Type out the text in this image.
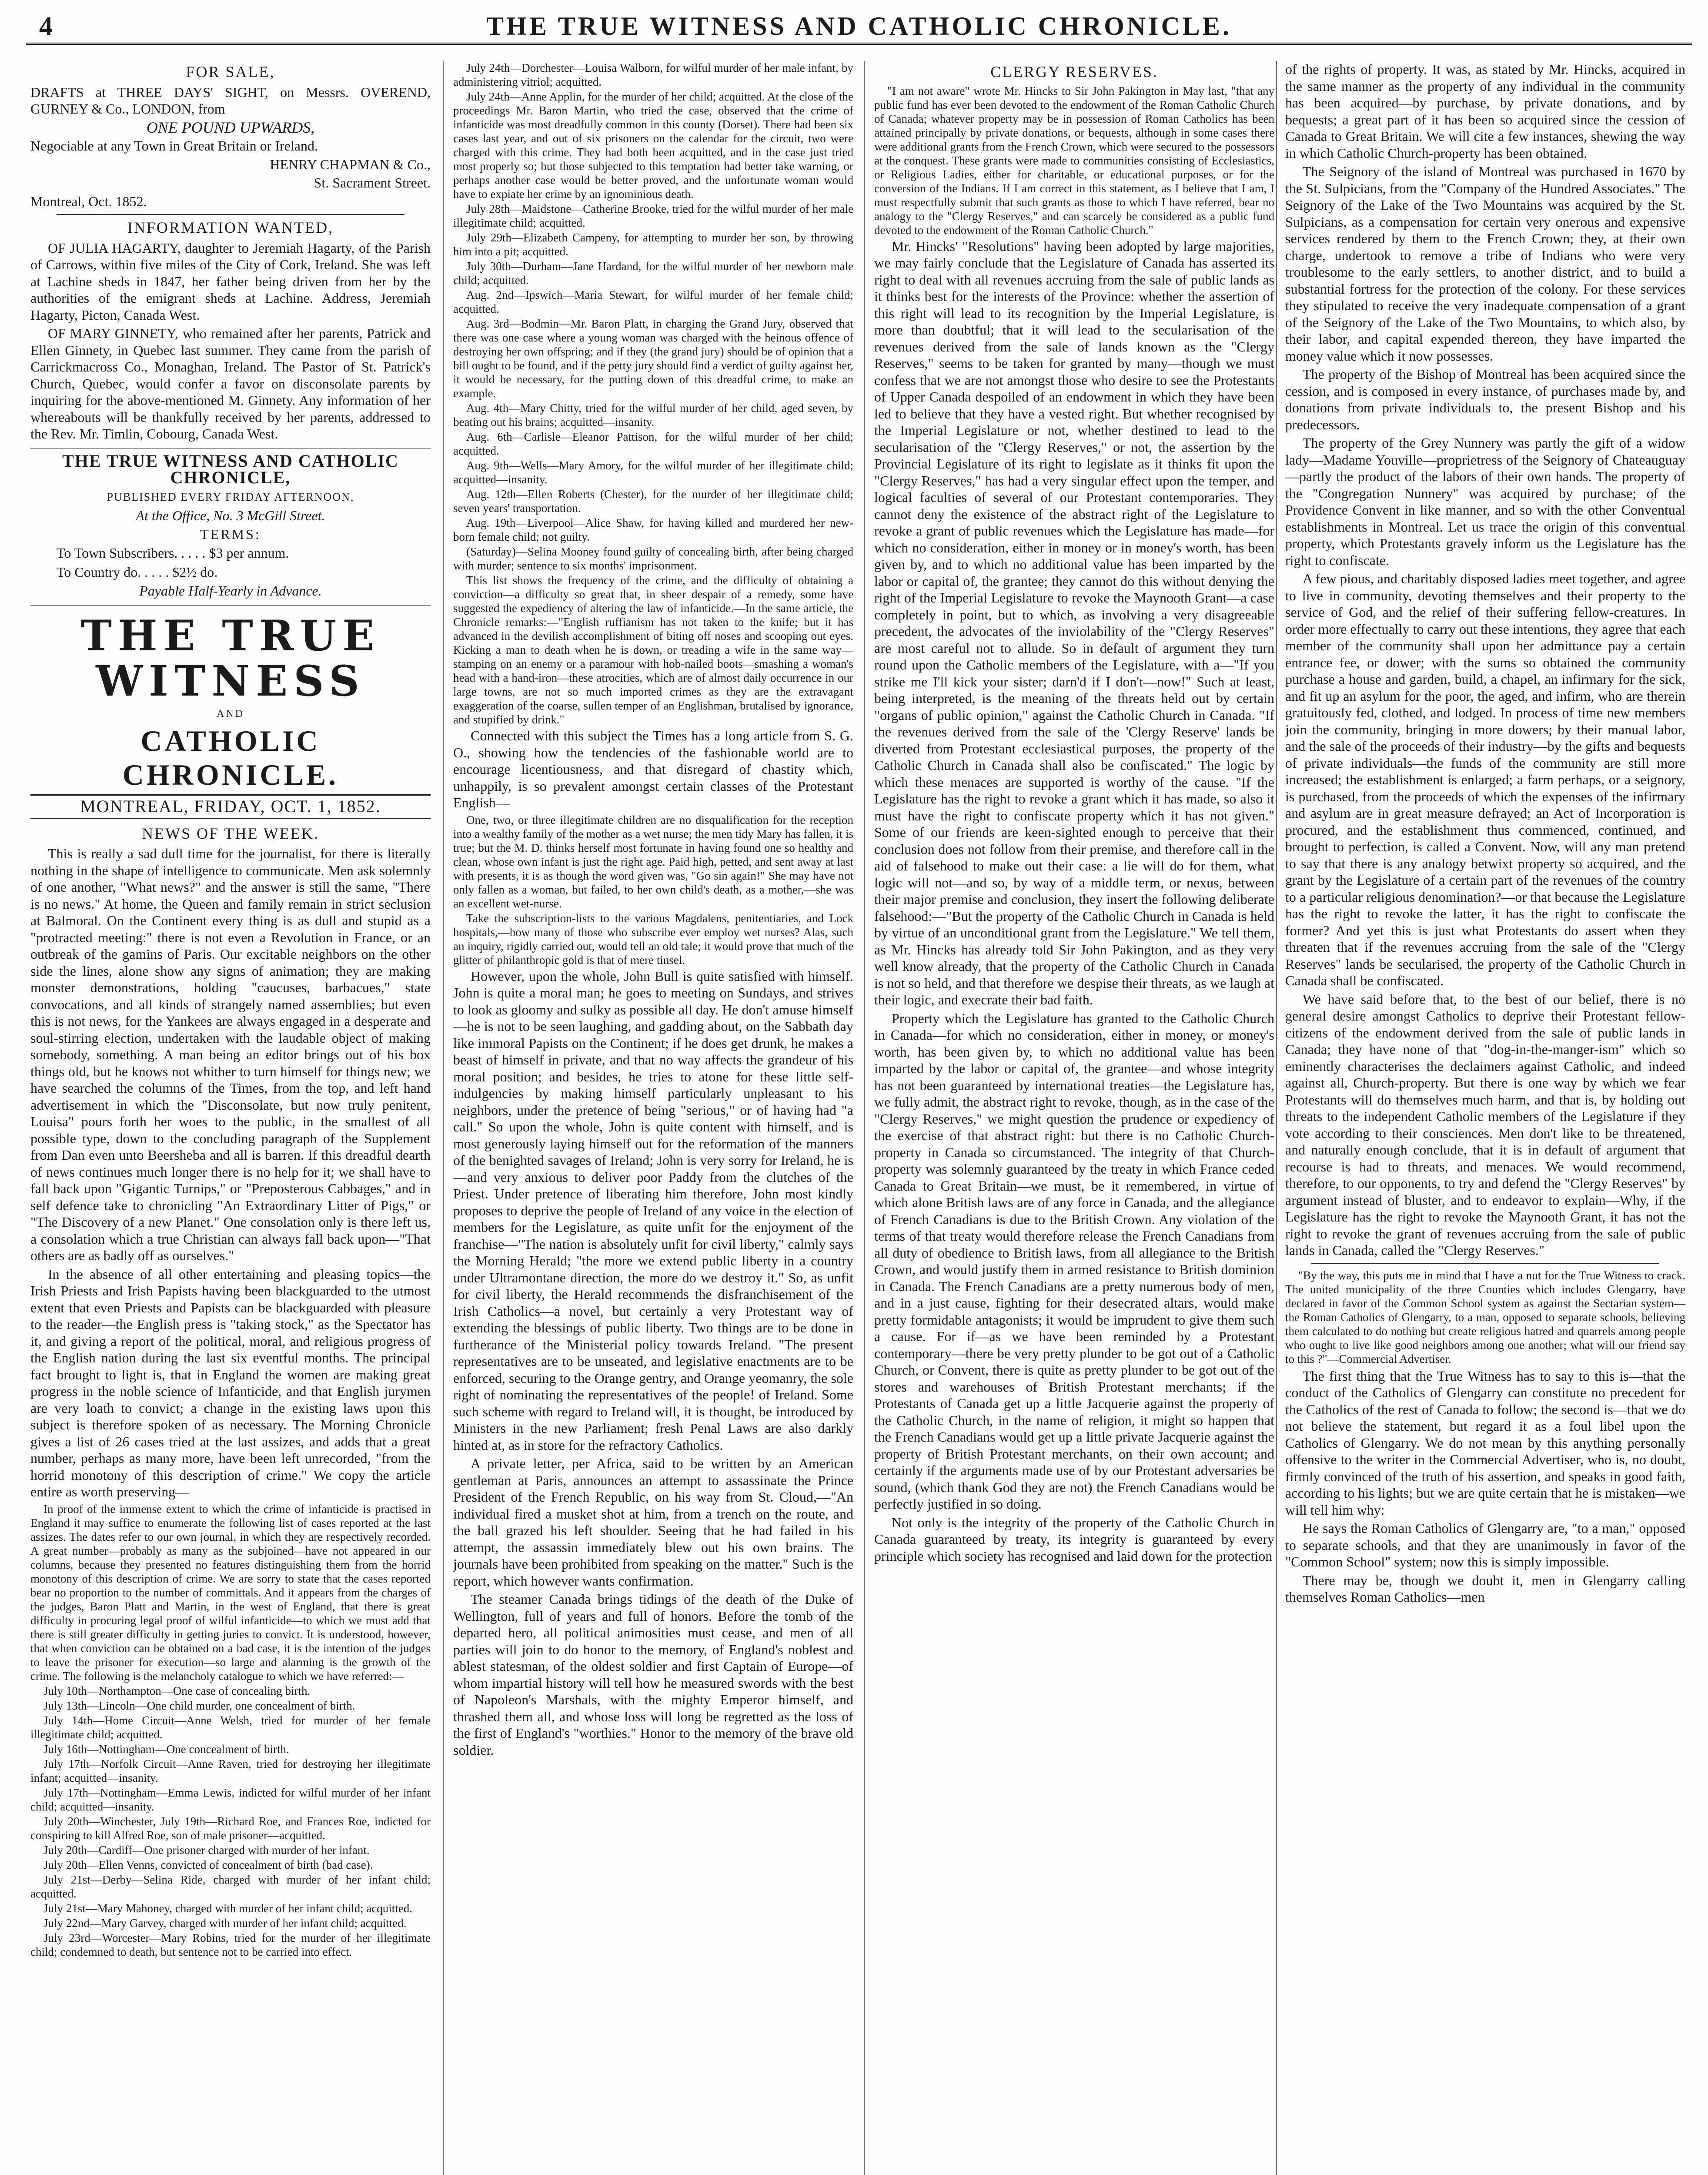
4	THE TRUE WITNESS AND CATHOLIC CHRONICLE.
FOR SALE,

DRAFTS at THREE DAYS' SIGHT, on Messrs. OVEREND, GURNEY & Co., LONDON, from

ONE POUND UPWARDS,

Negociable at any Town in Great Britain or Ireland.

HENRY CHAPMAN & Co.,

St. Sacrament Street.

Montreal, Oct. 1852.

INFORMATION WANTED,

OF JULIA HAGARTY, daughter to Jeremiah Hagarty, of the Parish of Carrows, within five miles of the City of Cork, Ireland. She was left at Lachine sheds in 1847, her father being driven from her by the authorities of the emigrant sheds at Lachine. Address, Jeremiah Hagarty, Picton, Canada West.

OF MARY GINNETY, who remained after her parents, Patrick and Ellen Ginnety, in Quebec last summer. They came from the parish of Carrickmacross Co., Monaghan, Ireland. The Pastor of St. Patrick's Church, Quebec, would confer a favor on disconsolate parents by inquiring for the above-mentioned M. Ginnety. Any information of her whereabouts will be thankfully received by her parents, addressed to the Rev. Mr. Timlin, Cobourg, Canada West.

THE TRUE WITNESS AND CATHOLIC CHRONICLE,

PUBLISHED EVERY FRIDAY AFTERNOON,

At the Office, No. 3 McGill Street.

TERMS:

To Town Subscribers. . . . . $3 per annum.
To Country do. . . . . $2½ do.

Payable Half-Yearly in Advance.

THE TRUE WITNESS
AND
CATHOLIC CHRONICLE.
MONTREAL, FRIDAY, OCT. 1, 1852.
NEWS OF THE WEEK.

This is really a sad dull time for the journalist, for there is literally nothing in the shape of intelligence to communicate. Men ask solemnly of one another, "What news?" and the answer is still the same, "There is no news." At home, the Queen and family remain in strict seclusion at Balmoral. On the Continent every thing is as dull and stupid as a "protracted meeting:" there is not even a Revolution in France, or an outbreak of the gamins of Paris. Our excitable neighbors on the other side the lines, alone show any signs of animation; they are making monster demonstrations, holding "caucuses, barbacues," state convocations, and all kinds of strangely named assemblies; but even this is not news, for the Yankees are always engaged in a desperate and soul-stirring election, undertaken with the laudable object of making somebody, something. A man being an editor brings out of his box things old, but he knows not whither to turn himself for things new; we have searched the columns of the Times, from the top, and left hand advertisement in which the "Disconsolate, but now truly penitent, Louisa" pours forth her woes to the public, in the smallest of all possible type, down to the concluding paragraph of the Supplement from Dan even unto Beersheba and all is barren. If this dreadful dearth of news continues much longer there is no help for it; we shall have to fall back upon "Gigantic Turnips," or "Preposterous Cabbages," and in self defence take to chronicling "An Extraordinary Litter of Pigs," or "The Discovery of a new Planet." One consolation only is there left us, a consolation which a true Christian can always fall back upon—"That others are as badly off as ourselves."

In the absence of all other entertaining and pleasing topics—the Irish Priests and Irish Papists having been blackguarded to the utmost extent that even Priests and Papists can be blackguarded with pleasure to the reader—the English press is "taking stock," as the Spectator has it, and giving a report of the political, moral, and religious progress of the English nation during the last six eventful months. The principal fact brought to light is, that in England the women are making great progress in the noble science of Infanticide, and that English jurymen are very loath to convict; a change in the existing laws upon this subject is therefore spoken of as necessary. The Morning Chronicle gives a list of 26 cases tried at the last assizes, and adds that a great number, perhaps as many more, have been left unrecorded, "from the horrid monotony of this description of crime." We copy the article entire as worth preserving—

In proof of the immense extent to which the crime of infanticide is practised in England it may suffice to enumerate the following list of cases reported at the last assizes. The dates refer to our own journal, in which they are respectively recorded. A great number—probably as many as the subjoined—have not appeared in our columns, because they presented no features distinguishing them from the horrid monotony of this description of crime. We are sorry to state that the cases reported bear no proportion to the number of committals. And it appears from the charges of the judges, Baron Platt and Martin, in the west of England, that there is great difficulty in procuring legal proof of wilful infanticide—to which we must add that there is still greater difficulty in getting juries to convict. It is understood, however, that when conviction can be obtained on a bad case, it is the intention of the judges to leave the prisoner for execution—so large and alarming is the growth of the crime. The following is the melancholy catalogue to which we have referred:—

July 10th—Northampton—One case of concealing birth.

July 13th—Lincoln—One child murder, one concealment of birth.

July 14th—Home Circuit—Anne Welsh, tried for murder of her female illegitimate child; acquitted.

July 16th—Nottingham—One concealment of birth.

July 17th—Norfolk Circuit—Anne Raven, tried for destroying her illegitimate infant; acquitted—insanity.

July 17th—Nottingham—Emma Lewis, indicted for wilful murder of her infant child; acquitted—insanity.

July 20th—Winchester, July 19th—Richard Roe, and Frances Roe, indicted for conspiring to kill Alfred Roe, son of male prisoner—acquitted.

July 20th—Cardiff—One prisoner charged with murder of her infant.

July 20th—Ellen Venns, convicted of concealment of birth (bad case).

July 21st—Derby—Selina Ride, charged with murder of her infant child; acquitted.

July 21st—Mary Mahoney, charged with murder of her infant child; acquitted.

July 22nd—Mary Garvey, charged with murder of her infant child; acquitted.

July 23rd—Worcester—Mary Robins, tried for the murder of her illegitimate child; condemned to death, but sentence not to be carried into effect.

July 24th—Dorchester—Louisa Walborn, for wilful murder of her male infant, by administering vitriol; acquitted.

July 24th—Anne Applin, for the murder of her child; acquitted. At the close of the proceedings Mr. Baron Martin, who tried the case, observed that the crime of infanticide was most dreadfully common in this county (Dorset). There had been six cases last year, and out of six prisoners on the calendar for the circuit, two were charged with this crime. They had both been acquitted, and in the case just tried most properly so; but those subjected to this temptation had better take warning, or perhaps another case would be better proved, and the unfortunate woman would have to expiate her crime by an ignominious death.

July 28th—Maidstone—Catherine Brooke, tried for the wilful murder of her male illegitimate child; acquitted.

July 29th—Elizabeth Campeny, for attempting to murder her son, by throwing him into a pit; acquitted.

July 30th—Durham—Jane Hardand, for the wilful murder of her newborn male child; acquitted.

Aug. 2nd—Ipswich—Maria Stewart, for wilful murder of her female child; acquitted.

Aug. 3rd—Bodmin—Mr. Baron Platt, in charging the Grand Jury, observed that there was one case where a young woman was charged with the heinous offence of destroying her own offspring; and if they (the grand jury) should be of opinion that a bill ought to be found, and if the petty jury should find a verdict of guilty against her, it would be necessary, for the putting down of this dreadful crime, to make an example.

Aug. 4th—Mary Chitty, tried for the wilful murder of her child, aged seven, by beating out his brains; acquitted—insanity.

Aug. 6th—Carlisle—Eleanor Pattison, for the wilful murder of her child; acquitted.

Aug. 9th—Wells—Mary Amory, for the wilful murder of her illegitimate child; acquitted—insanity.

Aug. 12th—Ellen Roberts (Chester), for the murder of her illegitimate child; seven years' transportation.

Aug. 19th—Liverpool—Alice Shaw, for having killed and murdered her new-born female child; not guilty.

(Saturday)—Selina Mooney found guilty of concealing birth, after being charged with murder; sentence to six months' imprisonment.

This list shows the frequency of the crime, and the difficulty of obtaining a conviction—a difficulty so great that, in sheer despair of a remedy, some have suggested the expediency of altering the law of infanticide.—In the same article, the Chronicle remarks:—"English ruffianism has not taken to the knife; but it has advanced in the devilish accomplishment of biting off noses and scooping out eyes. Kicking a man to death when he is down, or treading a wife in the same way—stamping on an enemy or a paramour with hob-nailed boots—smashing a woman's head with a hand-iron—these atrocities, which are of almost daily occurrence in our large towns, are not so much imported crimes as they are the extravagant exaggeration of the coarse, sullen temper of an Englishman, brutalised by ignorance, and stupified by drink."

Connected with this subject the Times has a long article from S. G. O., showing how the tendencies of the fashionable world are to encourage licentiousness, and that disregard of chastity which, unhappily, is so prevalent amongst certain classes of the Protestant English—

One, two, or three illegitimate children are no disqualification for the reception into a wealthy family of the mother as a wet nurse; the men tidy Mary has fallen, it is true; but the M. D. thinks herself most fortunate in having found one so healthy and clean, whose own infant is just the right age. Paid high, petted, and sent away at last with presents, it is as though the word given was, "Go sin again!" She may have not only fallen as a woman, but failed, to her own child's death, as a mother,—she was an excellent wet-nurse.

Take the subscription-lists to the various Magdalens, penitentiaries, and Lock hospitals,—how many of those who subscribe ever employ wet nurses? Alas, such an inquiry, rigidly carried out, would tell an old tale; it would prove that much of the glitter of philanthropic gold is that of mere tinsel.

However, upon the whole, John Bull is quite satisfied with himself. John is quite a moral man; he goes to meeting on Sundays, and strives to look as gloomy and sulky as possible all day. He don't amuse himself—he is not to be seen laughing, and gadding about, on the Sabbath day like immoral Papists on the Continent; if he does get drunk, he makes a beast of himself in private, and that no way affects the grandeur of his moral position; and besides, he tries to atone for these little self-indulgencies by making himself particularly unpleasant to his neighbors, under the pretence of being "serious," or of having had "a call." So upon the whole, John is quite content with himself, and is most generously laying himself out for the reformation of the manners of the benighted savages of Ireland; John is very sorry for Ireland, he is—and very anxious to deliver poor Paddy from the clutches of the Priest. Under pretence of liberating him therefore, John most kindly proposes to deprive the people of Ireland of any voice in the election of members for the Legislature, as quite unfit for the enjoyment of the franchise—"The nation is absolutely unfit for civil liberty," calmly says the Morning Herald; "the more we extend public liberty in a country under Ultramontane direction, the more do we destroy it." So, as unfit for civil liberty, the Herald recommends the disfranchisement of the Irish Catholics—a novel, but certainly a very Protestant way of extending the blessings of public liberty. Two things are to be done in furtherance of the Ministerial policy towards Ireland. "The present representatives are to be unseated, and legislative enactments are to be enforced, securing to the Orange gentry, and Orange yeomanry, the sole right of nominating the representatives of the people! of Ireland. Some such scheme with regard to Ireland will, it is thought, be introduced by Ministers in the new Parliament; fresh Penal Laws are also darkly hinted at, as in store for the refractory Catholics.

A private letter, per Africa, said to be written by an American gentleman at Paris, announces an attempt to assassinate the Prince President of the French Republic, on his way from St. Cloud,—"An individual fired a musket shot at him, from a trench on the route, and the ball grazed his left shoulder. Seeing that he had failed in his attempt, the assassin immediately blew out his own brains. The journals have been prohibited from speaking on the matter." Such is the report, which however wants confirmation.

The steamer Canada brings tidings of the death of the Duke of Wellington, full of years and full of honors. Before the tomb of the departed hero, all political animosities must cease, and men of all parties will join to do honor to the memory, of England's noblest and ablest statesman, of the oldest soldier and first Captain of Europe—of whom impartial history will tell how he measured swords with the best of Napoleon's Marshals, with the mighty Emperor himself, and thrashed them all, and whose loss will long be regretted as the loss of the first of England's "worthies." Honor to the memory of the brave old soldier.

CLERGY RESERVES.

"I am not aware" wrote Mr. Hincks to Sir John Pakington in May last, "that any public fund has ever been devoted to the endowment of the Roman Catholic Church of Canada; whatever property may be in possession of Roman Catholics has been attained principally by private donations, or bequests, although in some cases there were additional grants from the French Crown, which were secured to the possessors at the conquest. These grants were made to communities consisting of Ecclesiastics, or Religious Ladies, either for charitable, or educational purposes, or for the conversion of the Indians. If I am correct in this statement, as I believe that I am, I must respectfully submit that such grants as those to which I have referred, bear no analogy to the "Clergy Reserves," and can scarcely be considered as a public fund devoted to the endowment of the Roman Catholic Church."

Mr. Hincks' "Resolutions" having been adopted by large majorities, we may fairly conclude that the Legislature of Canada has asserted its right to deal with all revenues accruing from the sale of public lands as it thinks best for the interests of the Province: whether the assertion of this right will lead to its recognition by the Imperial Legislature, is more than doubtful; that it will lead to the secularisation of the revenues derived from the sale of lands known as the "Clergy Reserves," seems to be taken for granted by many—though we must confess that we are not amongst those who desire to see the Protestants of Upper Canada despoiled of an endowment in which they have been led to believe that they have a vested right. But whether recognised by the Imperial Legislature or not, whether destined to lead to the secularisation of the "Clergy Reserves," or not, the assertion by the Provincial Legislature of its right to legislate as it thinks fit upon the "Clergy Reserves," has had a very singular effect upon the temper, and logical faculties of several of our Protestant contemporaries. They cannot deny the existence of the abstract right of the Legislature to revoke a grant of public revenues which the Legislature has made—for which no consideration, either in money or in money's worth, has been given by, and to which no additional value has been imparted by the labor or capital of, the grantee; they cannot do this without denying the right of the Imperial Legislature to revoke the Maynooth Grant—a case completely in point, but to which, as involving a very disagreeable precedent, the advocates of the inviolability of the "Clergy Reserves" are most careful not to allude. So in default of argument they turn round upon the Catholic members of the Legislature, with a—"If you strike me I'll kick your sister; darn'd if I don't—now!" Such at least, being interpreted, is the meaning of the threats held out by certain "organs of public opinion," against the Catholic Church in Canada. "If the revenues derived from the sale of the 'Clergy Reserve' lands be diverted from Protestant ecclesiastical purposes, the property of the Catholic Church in Canada shall also be confiscated." The logic by which these menaces are supported is worthy of the cause. "If the Legislature has the right to revoke a grant which it has made, so also it must have the right to confiscate property which it has not given." Some of our friends are keen-sighted enough to perceive that their conclusion does not follow from their premise, and therefore call in the aid of falsehood to make out their case: a lie will do for them, what logic will not—and so, by way of a middle term, or nexus, between their major premise and conclusion, they insert the following deliberate falsehood:—"But the property of the Catholic Church in Canada is held by virtue of an unconditional grant from the Legislature." We tell them, as Mr. Hincks has already told Sir John Pakington, and as they very well know already, that the property of the Catholic Church in Canada is not so held, and that therefore we despise their threats, as we laugh at their logic, and execrate their bad faith.

Property which the Legislature has granted to the Catholic Church in Canada—for which no consideration, either in money, or money's worth, has been given by, to which no additional value has been imparted by the labor or capital of, the grantee—and whose integrity has not been guaranteed by international treaties—the Legislature has, we fully admit, the abstract right to revoke, though, as in the case of the "Clergy Reserves," we might question the prudence or expediency of the exercise of that abstract right: but there is no Catholic Church-property in Canada so circumstanced. The integrity of that Church-property was solemnly guaranteed by the treaty in which France ceded Canada to Great Britain—we must, be it remembered, in virtue of which alone British laws are of any force in Canada, and the allegiance of French Canadians is due to the British Crown. Any violation of the terms of that treaty would therefore release the French Canadians from all duty of obedience to British laws, from all allegiance to the British Crown, and would justify them in armed resistance to British dominion in Canada. The French Canadians are a pretty numerous body of men, and in a just cause, fighting for their desecrated altars, would make pretty formidable antagonists; it would be imprudent to give them such a cause. For if—as we have been reminded by a Protestant contemporary—there be very pretty plunder to be got out of a Catholic Church, or Convent, there is quite as pretty plunder to be got out of the stores and warehouses of British Protestant merchants; if the Protestants of Canada get up a little Jacquerie against the property of the Catholic Church, in the name of religion, it might so happen that the French Canadians would get up a little private Jacquerie against the property of British Protestant merchants, on their own account; and certainly if the arguments made use of by our Protestant adversaries be sound, (which thank God they are not) the French Canadians would be perfectly justified in so doing.

Not only is the integrity of the property of the Catholic Church in Canada guaranteed by treaty, its integrity is guaranteed by every principle which society has recognised and laid down for the protection

of the rights of property. It was, as stated by Mr. Hincks, acquired in the same manner as the property of any individual in the community has been acquired—by purchase, by private donations, and by bequests; a great part of it has been so acquired since the cession of Canada to Great Britain. We will cite a few instances, shewing the way in which Catholic Church-property has been obtained.

The Seignory of the island of Montreal was purchased in 1670 by the St. Sulpicians, from the "Company of the Hundred Associates." The Seignory of the Lake of the Two Mountains was acquired by the St. Sulpicians, as a compensation for certain very onerous and expensive services rendered by them to the French Crown; they, at their own charge, undertook to remove a tribe of Indians who were very troublesome to the early settlers, to another district, and to build a substantial fortress for the protection of the colony. For these services they stipulated to receive the very inadequate compensation of a grant of the Seignory of the Lake of the Two Mountains, to which also, by their labor, and capital expended thereon, they have imparted the money value which it now possesses.

The property of the Bishop of Montreal has been acquired since the cession, and is composed in every instance, of purchases made by, and donations from private individuals to, the present Bishop and his predecessors.

The property of the Grey Nunnery was partly the gift of a widow lady—Madame Youville—proprietress of the Seignory of Chateauguay—partly the product of the labors of their own hands. The property of the "Congregation Nunnery" was acquired by purchase; of the Providence Convent in like manner, and so with the other Conventual establishments in Montreal. Let us trace the origin of this conventual property, which Protestants gravely inform us the Legislature has the right to confiscate.

A few pious, and charitably disposed ladies meet together, and agree to live in community, devoting themselves and their property to the service of God, and the relief of their suffering fellow-creatures. In order more effectually to carry out these intentions, they agree that each member of the community shall upon her admittance pay a certain entrance fee, or dower; with the sums so obtained the community purchase a house and garden, build, a chapel, an infirmary for the sick, and fit up an asylum for the poor, the aged, and infirm, who are therein gratuitously fed, clothed, and lodged. In process of time new members join the community, bringing in more dowers; by their manual labor, and the sale of the proceeds of their industry—by the gifts and bequests of private individuals—the funds of the community are still more increased; the establishment is enlarged; a farm perhaps, or a seignory, is purchased, from the proceeds of which the expenses of the infirmary and asylum are in great measure defrayed; an Act of Incorporation is procured, and the establishment thus commenced, continued, and brought to perfection, is called a Convent. Now, will any man pretend to say that there is any analogy betwixt property so acquired, and the grant by the Legislature of a certain part of the revenues of the country to a particular religious denomination?—or that because the Legislature has the right to revoke the latter, it has the right to confiscate the former? And yet this is just what Protestants do assert when they threaten that if the revenues accruing from the sale of the "Clergy Reserves" lands be secularised, the property of the Catholic Church in Canada shall be confiscated.

We have said before that, to the best of our belief, there is no general desire amongst Catholics to deprive their Protestant fellow-citizens of the endowment derived from the sale of public lands in Canada; they have none of that "dog-in-the-manger-ism" which so eminently characterises the declaimers against Catholic, and indeed against all, Church-property. But there is one way by which we fear Protestants will do themselves much harm, and that is, by holding out threats to the independent Catholic members of the Legislature if they vote according to their consciences. Men don't like to be threatened, and naturally enough conclude, that it is in default of argument that recourse is had to threats, and menaces. We would recommend, therefore, to our opponents, to try and defend the "Clergy Reserves" by argument instead of bluster, and to endeavor to explain—Why, if the Legislature has the right to revoke the Maynooth Grant, it has not the right to revoke the grant of revenues accruing from the sale of public lands in Canada, called the "Clergy Reserves."

"By the way, this puts me in mind that I have a nut for the True Witness to crack. The united municipality of the three Counties which includes Glengarry, have declared in favor of the Common School system as against the Sectarian system—the Roman Catholics of Glengarry, to a man, opposed to separate schools, believing them calculated to do nothing but create religious hatred and quarrels among people who ought to live like good neighbors among one another; what will our friend say to this ?"—Commercial Advertiser.

The first thing that the True Witness has to say to this is—that the conduct of the Catholics of Glengarry can constitute no precedent for the Catholics of the rest of Canada to follow; the second is—that we do not believe the statement, but regard it as a foul libel upon the Catholics of Glengarry. We do not mean by this anything personally offensive to the writer in the Commercial Advertiser, who is, no doubt, firmly convinced of the truth of his assertion, and speaks in good faith, according to his lights; but we are quite certain that he is mistaken—we will tell him why:

He says the Roman Catholics of Glengarry are, "to a man," opposed to separate schools, and that they are unanimously in favor of the "Common School" system; now this is simply impossible.

There may be, though we doubt it, men in Glengarry calling themselves Roman Catholics—men
